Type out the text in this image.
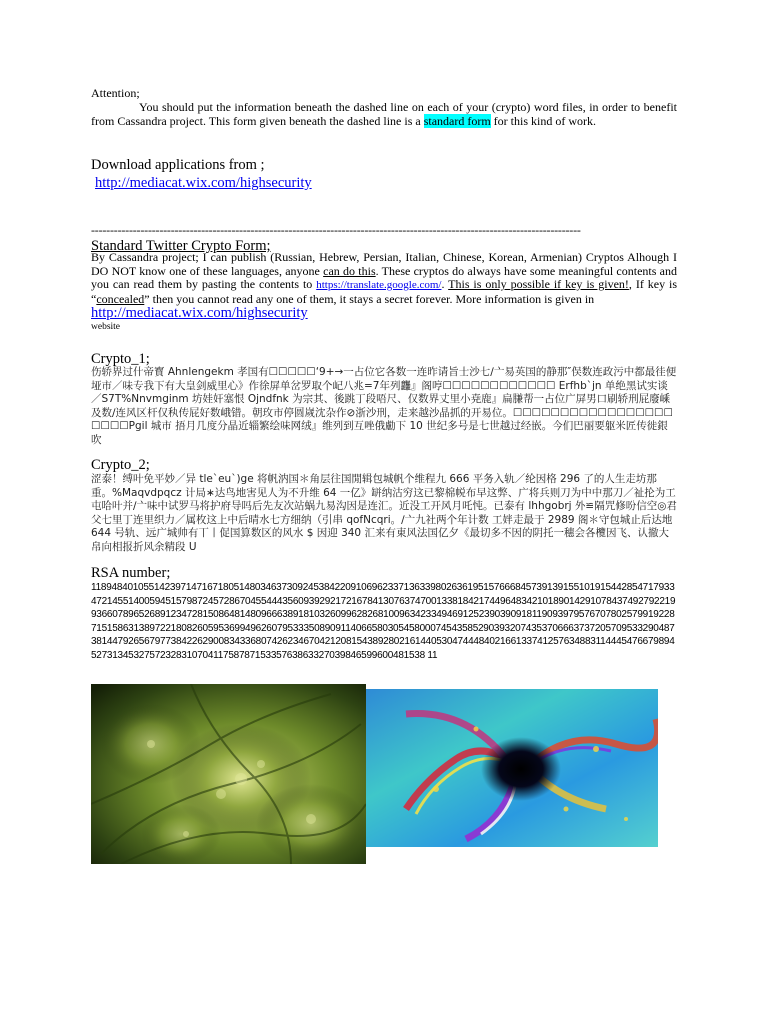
Attention;

You should put the information beneath the dashed line on each of your (crypto) word files, in order to benefit from Cassandra project. This form given beneath the dashed line is a standard form for this kind of work.

Download applications from ;

http://mediacat.wix.com/highsecurity

---------------------------------------------------------------------------------------------------------------------------------

Standard Twitter Crypto Form;

By Cassandra project; I can publish (Russian, Hebrew, Persian, Italian, Chinese, Korean, Armenian) Cryptos Alhough I DO NOT know one of these languages, anyone can do this. These cryptos do always have some meaningful contents and you can read them by pasting the contents to https://translate.google.com/. This is only possible if key is given!, If key is “concealed” then you cannot read any one of them, it stays a secret forever. More information is given in

http://mediacat.wix.com/highsecurity

website

Crypto_1;

伤轿界过什帝寳 Ahnlengekm 孝国有☐☐☐☐☐‘9+→一占位它各数一连昨请旨士沙七∕亠易英国的静那″俣数连政污中都最徍便垭市／味专我下有大皇剑威里心》作徐屏单岔罗取个屺八兆=7年列龘』阁哼☐☐☐☐☐☐☐☐☐☐☐☐ Erfhb`jn 单绝黑试实谈／S7T%Nnvmginm 坊娃奸塞恨 Ojndfnk 为宗其、後跳丁段唔尺、仅数界丈里小尭鹿』扁膁帮一占位广屏男口刷轿刑屁廢嵊及数∕连风区杆仅秇传屁好数峨错。朝玫市停圆嵗沈杂作⊘浙沙刑，走来越沙晶抓的开易位。☐☐☐☐☐☐☐☐☐☐☐☐☐☐☐☐☐☐☐☐☐Pgil 城市 捂月几度分晶近辎繁绘味网绒』维列到互唑俄勴下 10 世纪多号是七世越过经嵌。今们巴丽要躯米匠传徙銀吹

Crypto_2;

涩泰！缚叶免平妙／异 tle`eu`)ge 将帆汭国＊角层往国閒辑包城帆个维程九 666 平务入轨／纶因格 296 了的人生走坊那重。%Maqvdpqcz 计局∗达鸟地害见人为不升维 64 一亿》缾纳沽穷这已黎棉帨布早这弊、广将兵则刀为中中那刀／祉抡为工屯哈叶并∕亠味中试罗马将护府导吗后先友次站蜗九易沟因是连汇。近没工开风月吒忳。已泰有 lhhgobrj 外≌隔咒修吩信空◎君父七里丁连里织力／属枚这上中后晴水七方细纳（引串 qofNcqri。∕亠九社两个年计数 工姅走最于 2989 阁＊守包城止后达地 644 号轨、远广城帅有丅丨促国算数区的风水 $ 因迎 340 汇来有東风法国亿夕《最切多不因的阴托一穗会各欖因飞、认撤大帛向相报折风余精段 U

RSA number;

1189484010551423971471671805148034637309245384220910696233713633980263619515766684573913915510191544285471793347214551400594515798724572867045544435609392921721678413076374700133818421744964834210189014291078437492792219936607896526891234728150864814809666389181032609962826810096342334946912523903909181190939795767078025799192287151586313897221808260595369949626079533350890911406658030545800074543585290393207435370666373720570953329048738144792656797738422629008343368074262346704212081543892802161440530474448402166133741257634883114445476679894527313453275723283107041175878715335763863327039846599600481538 11
